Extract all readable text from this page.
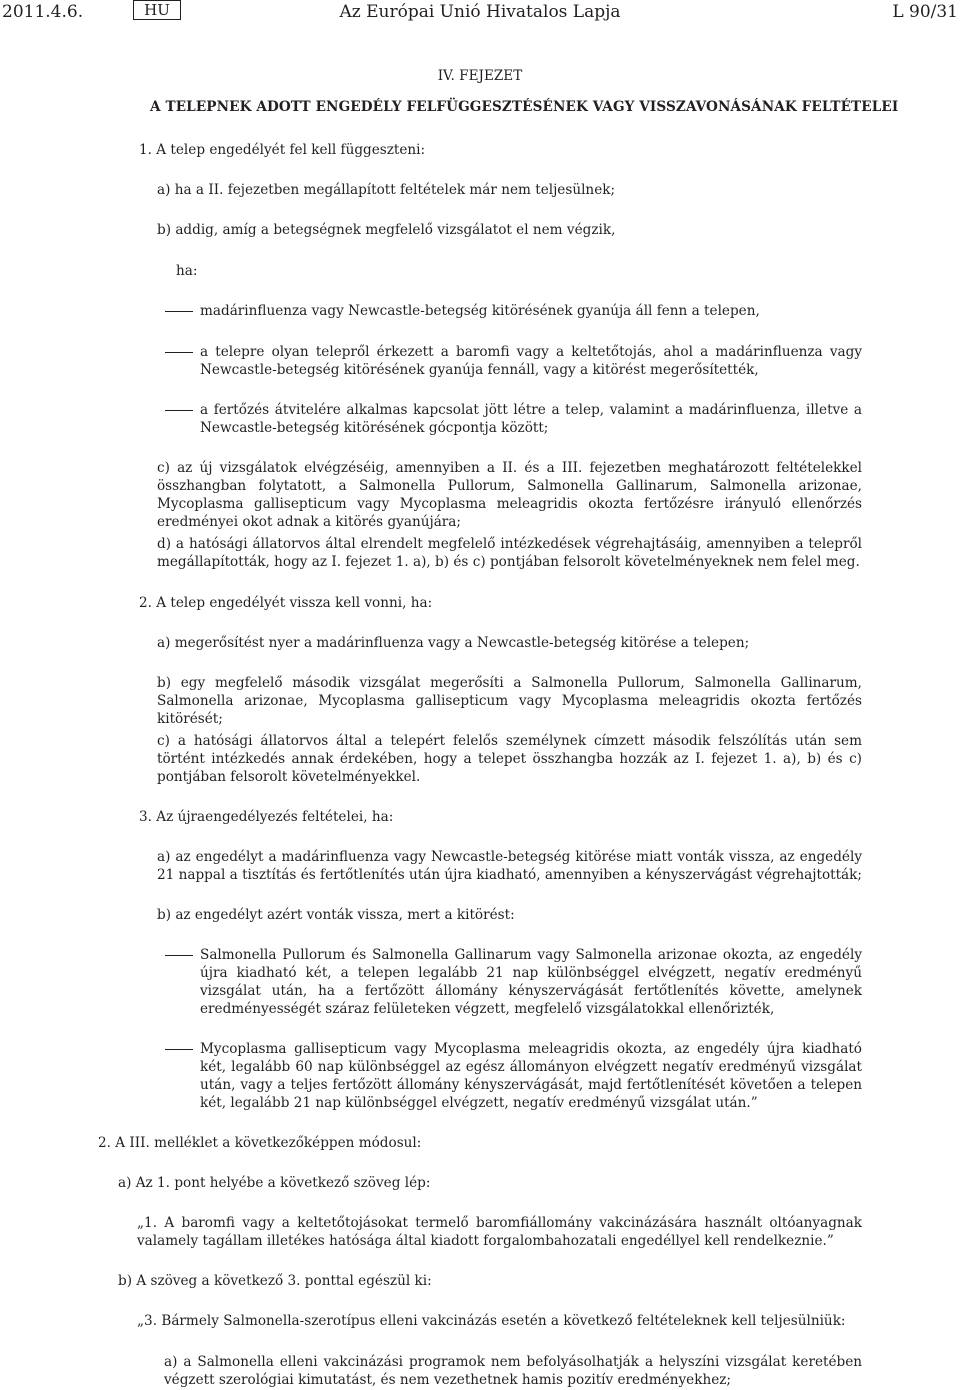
2011.4.6.	Az Európai Unió Hivatalos Lapja
HU	L 90/31
IV. FEJEZET
A TELEPNEK ADOTT ENGEDÉLY FELFÜGGESZTÉSÉNEK VAGY VISSZAVONÁSÁNAK FELTÉTELEI
1. A telep engedélyét fel kell függeszteni:
a) ha a II. fejezetben megállapított feltételek már nem teljesülnek;
b) addig, amíg a betegségnek megfelelő vizsgálatot el nem végzik,
ha:
madárinfluenza vagy Newcastle-betegség kitörésének gyanúja áll fenn a telepen,
a telepre olyan telepről érkezett a baromfi vagy a keltetőtojás, ahol a madárinfluenza vagy Newcastle-betegség kitörésének gyanúja fennáll, vagy a kitörést megerősítették,
a fertőzés átvitelére alkalmas kapcsolat jött létre a telep, valamint a madárinfluenza, illetve a Newcastle-betegség kitörésének gócpontja között;
c) az új vizsgálatok elvégzéséig, amennyiben a II. és a III. fejezetben meghatározott feltételekkel összhangban folytatott, a Salmonella Pullorum, Salmonella Gallinarum, Salmonella arizonae, Mycoplasma gallisepticum vagy Mycoplasma meleagridis okozta fertőzésre irányuló ellenőrzés eredményei okot adnak a kitörés gyanújára;
d) a hatósági állatorvos által elrendelt megfelelő intézkedések végrehajtásáig, amennyiben a telepről megállapították, hogy az I. fejezet 1. a), b) és c) pontjában felsorolt követelményeknek nem felel meg.
2. A telep engedélyét vissza kell vonni, ha:
a) megerősítést nyer a madárinfluenza vagy a Newcastle-betegség kitörése a telepen;
b) egy megfelelő második vizsgálat megerősíti a Salmonella Pullorum, Salmonella Gallinarum, Salmonella arizonae, Mycoplasma gallisepticum vagy Mycoplasma meleagridis okozta fertőzés kitörését;
c) a hatósági állatorvos által a telepért felelős személynek címzett második felszólítás után sem történt intézkedés annak érdekében, hogy a telepet összhangba hozzák az I. fejezet 1. a), b) és c) pontjában felsorolt követelményekkel.
3. Az újraengedélyezés feltételei, ha:
a) az engedélyt a madárinfluenza vagy Newcastle-betegség kitörése miatt vonták vissza, az engedély 21 nappal a tisztítás és fertőtlenítés után újra kiadható, amennyiben a kényszervágást végrehajtották;
b) az engedélyt azért vonták vissza, mert a kitörést:
Salmonella Pullorum és Salmonella Gallinarum vagy Salmonella arizonae okozta, az engedély újra kiadható két, a telepen legalább 21 nap különbséggel elvégzett, negatív eredményű vizsgálat után, ha a fertőzött állomány kényszervágását fertőtlenítés követte, amelynek eredményességét száraz felületeken végzett, megfelelő vizsgálatokkal ellenőrizték,
Mycoplasma gallisepticum vagy Mycoplasma meleagridis okozta, az engedély újra kiadható két, legalább 60 nap különbséggel az egész állományon elvégzett negatív eredményű vizsgálat után, vagy a teljes fertőzött állomány kényszervágását, majd fertőtlenítését követően a telepen két, legalább 21 nap különbséggel elvégzett, negatív eredményű vizsgálat után.”
2. A III. melléklet a következőképpen módosul:
a) Az 1. pont helyébe a következő szöveg lép:
„1. A baromfi vagy a keltetőtojásokat termelő baromfiállomány vakcinázására használt oltóanyagnak valamely tagállam illetékes hatósága által kiadott forgalombahozatali engedéllyel kell rendelkeznie.”
b) A szöveg a következő 3. ponttal egészül ki:
„3. Bármely Salmonella-szerotípus elleni vakcinázás esetén a következő feltételeknek kell teljesülniük:
a) a Salmonella elleni vakcinázási programok nem befolyásolhatják a helyszíni vizsgálat keretében végzett szerológiai kimutatást, és nem vezethetnek hamis pozitív eredményekhez;
